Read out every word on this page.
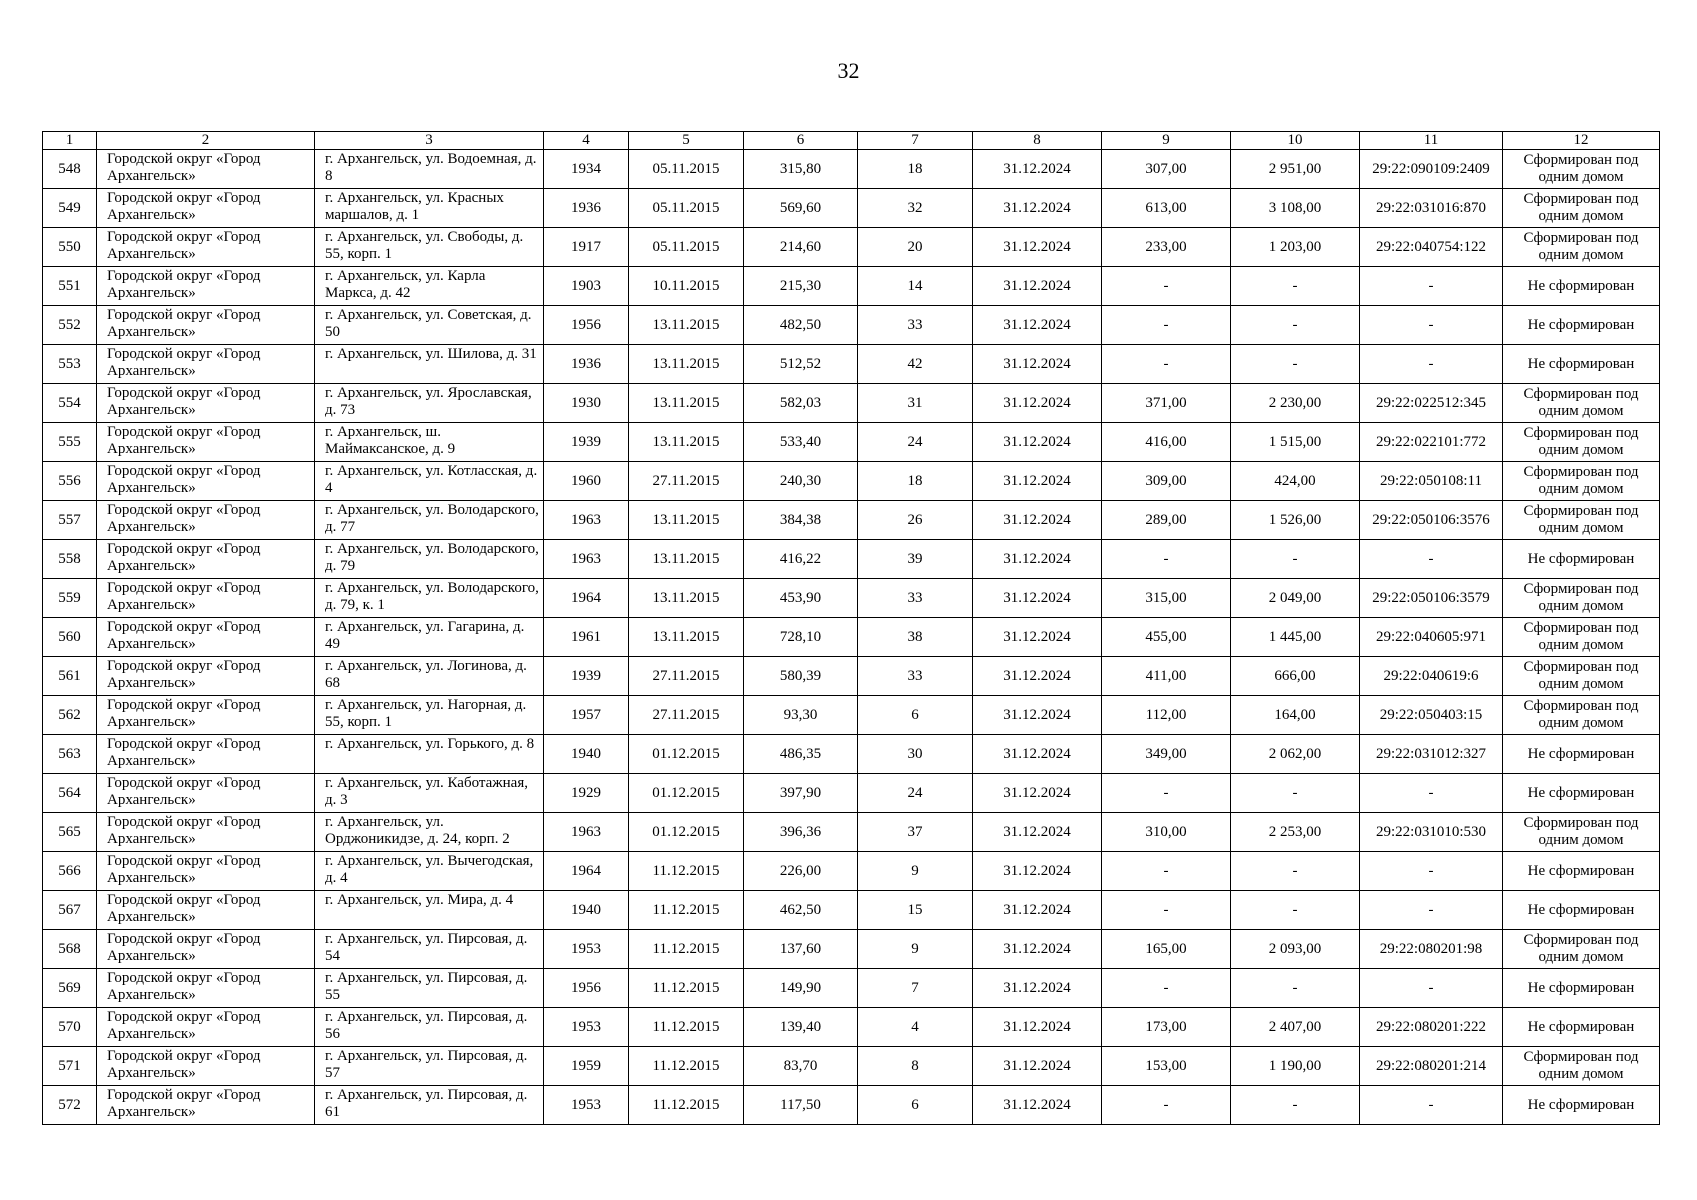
32
1	2	3	4	5	6	7	8	9	10	11	12
548	Городской округ «Город Архангельск»	г. Архангельск, ул. Водоемная, д. 8	1934	05.11.2015	315,80	18	31.12.2024	307,00	2 951,00	29:22:090109:2409	Сформирован под одним домом
549	Городской округ «Город Архангельск»	г. Архангельск, ул. Красных маршалов, д. 1	1936	05.11.2015	569,60	32	31.12.2024	613,00	3 108,00	29:22:031016:870	Сформирован под одним домом
550	Городской округ «Город Архангельск»	г. Архангельск, ул. Свободы, д. 55, корп. 1	1917	05.11.2015	214,60	20	31.12.2024	233,00	1 203,00	29:22:040754:122	Сформирован под одним домом
551	Городской округ «Город Архангельск»	г. Архангельск, ул. Карла Маркса, д. 42	1903	10.11.2015	215,30	14	31.12.2024	-	-	-	Не сформирован
552	Городской округ «Город Архангельск»	г. Архангельск, ул. Советская, д. 50	1956	13.11.2015	482,50	33	31.12.2024	-	-	-	Не сформирован
553	Городской округ «Город Архангельск»	г. Архангельск, ул. Шилова, д. 31	1936	13.11.2015	512,52	42	31.12.2024	-	-	-	Не сформирован
554	Городской округ «Город Архангельск»	г. Архангельск, ул. Ярославская, д. 73	1930	13.11.2015	582,03	31	31.12.2024	371,00	2 230,00	29:22:022512:345	Сформирован под одним домом
555	Городской округ «Город Архангельск»	г. Архангельск, ш. Маймаксанское, д. 9	1939	13.11.2015	533,40	24	31.12.2024	416,00	1 515,00	29:22:022101:772	Сформирован под одним домом
556	Городской округ «Город Архангельск»	г. Архангельск, ул. Котласская, д. 4	1960	27.11.2015	240,30	18	31.12.2024	309,00	424,00	29:22:050108:11	Сформирован под одним домом
557	Городской округ «Город Архангельск»	г. Архангельск, ул. Володарского, д. 77	1963	13.11.2015	384,38	26	31.12.2024	289,00	1 526,00	29:22:050106:3576	Сформирован под одним домом
558	Городской округ «Город Архангельск»	г. Архангельск, ул. Володарского, д. 79	1963	13.11.2015	416,22	39	31.12.2024	-	-	-	Не сформирован
559	Городской округ «Город Архангельск»	г. Архангельск, ул. Володарского, д. 79, к. 1	1964	13.11.2015	453,90	33	31.12.2024	315,00	2 049,00	29:22:050106:3579	Сформирован под одним домом
560	Городской округ «Город Архангельск»	г. Архангельск, ул. Гагарина, д. 49	1961	13.11.2015	728,10	38	31.12.2024	455,00	1 445,00	29:22:040605:971	Сформирован под одним домом
561	Городской округ «Город Архангельск»	г. Архангельск, ул. Логинова, д. 68	1939	27.11.2015	580,39	33	31.12.2024	411,00	666,00	29:22:040619:6	Сформирован под одним домом
562	Городской округ «Город Архангельск»	г. Архангельск, ул. Нагорная, д. 55, корп. 1	1957	27.11.2015	93,30	6	31.12.2024	112,00	164,00	29:22:050403:15	Сформирован под одним домом
563	Городской округ «Город Архангельск»	г. Архангельск, ул. Горького, д. 8	1940	01.12.2015	486,35	30	31.12.2024	349,00	2 062,00	29:22:031012:327	Не сформирован
564	Городской округ «Город Архангельск»	г. Архангельск, ул. Каботажная, д. 3	1929	01.12.2015	397,90	24	31.12.2024	-	-	-	Не сформирован
565	Городской округ «Город Архангельск»	г. Архангельск, ул. Орджоникидзе, д. 24, корп. 2	1963	01.12.2015	396,36	37	31.12.2024	310,00	2 253,00	29:22:031010:530	Сформирован под одним домом
566	Городской округ «Город Архангельск»	г. Архангельск, ул. Вычегодская, д. 4	1964	11.12.2015	226,00	9	31.12.2024	-	-	-	Не сформирован
567	Городской округ «Город Архангельск»	г. Архангельск, ул. Мира, д. 4	1940	11.12.2015	462,50	15	31.12.2024	-	-	-	Не сформирован
568	Городской округ «Город Архангельск»	г. Архангельск, ул. Пирсовая, д. 54	1953	11.12.2015	137,60	9	31.12.2024	165,00	2 093,00	29:22:080201:98	Сформирован под одним домом
569	Городской округ «Город Архангельск»	г. Архангельск, ул. Пирсовая, д. 55	1956	11.12.2015	149,90	7	31.12.2024	-	-	-	Не сформирован
570	Городской округ «Город Архангельск»	г. Архангельск, ул. Пирсовая, д. 56	1953	11.12.2015	139,40	4	31.12.2024	173,00	2 407,00	29:22:080201:222	Не сформирован
571	Городской округ «Город Архангельск»	г. Архангельск, ул. Пирсовая, д. 57	1959	11.12.2015	83,70	8	31.12.2024	153,00	1 190,00	29:22:080201:214	Сформирован под одним домом
572	Городской округ «Город Архангельск»	г. Архангельск, ул. Пирсовая, д. 61	1953	11.12.2015	117,50	6	31.12.2024	-	-	-	Не сформирован
